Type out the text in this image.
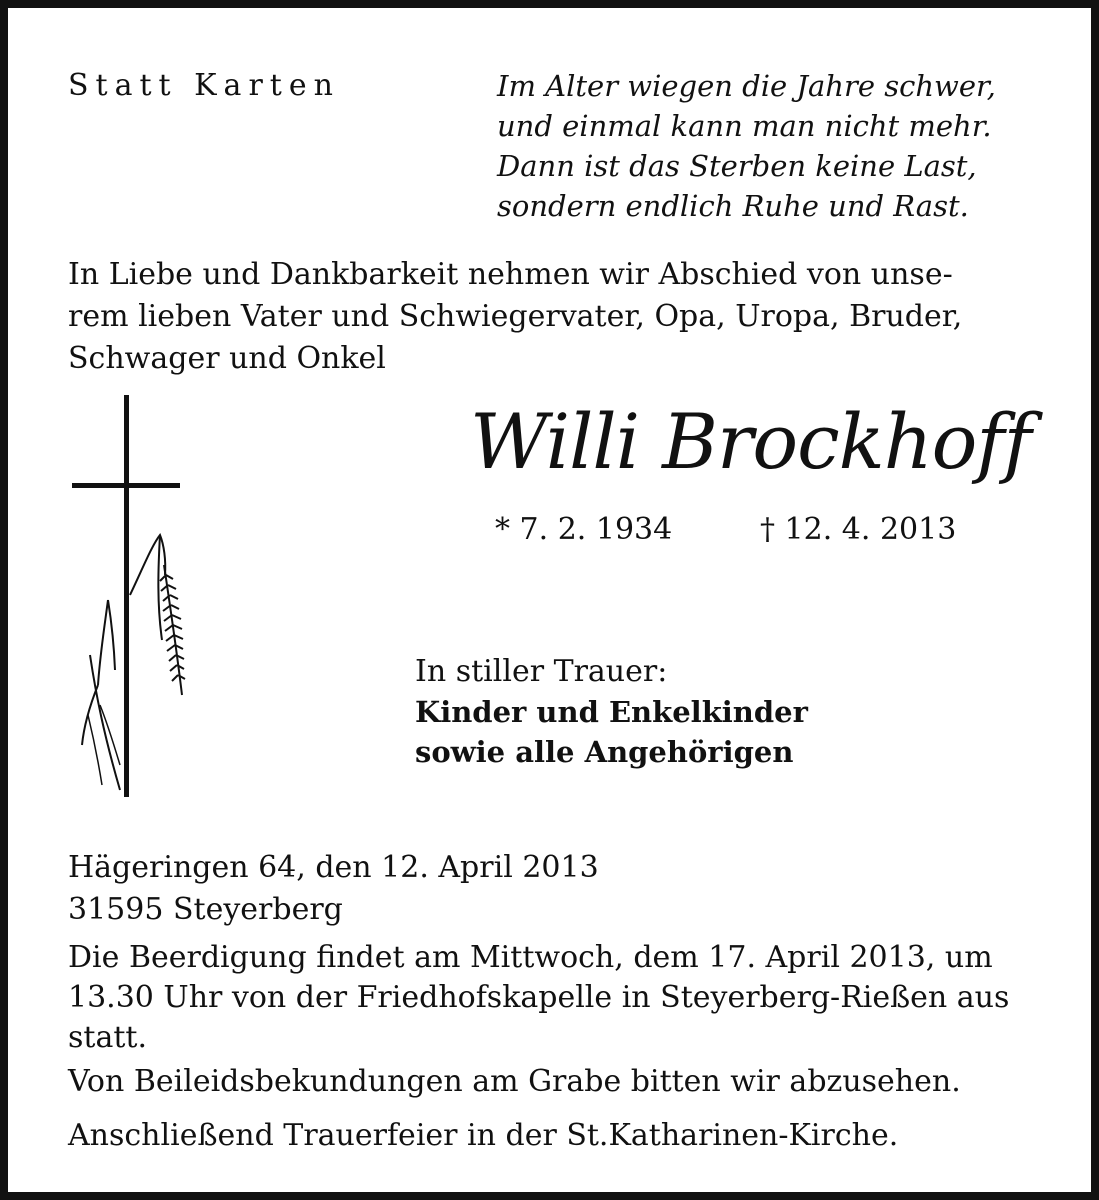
Statt Karten	Im Alter wiegen die Jahre schwer,
und einmal kann man nicht mehr.
Dann ist das Sterben keine Last,
sondern endlich Ruhe und Rast.
In Liebe und Dankbarkeit nehmen wir Abschied von unse-
rem lieben Vater und Schwiegervater, Opa, Uropa, Bruder,
Schwager und Onkel
Willi Brockhoff
* 7. 2. 1934	† 12. 4. 2013
In stiller Trauer:
Kinder und Enkelkinder
sowie alle Angehörigen
Hägeringen 64, den 12. April 2013
31595 Steyerberg
Die Beerdigung findet am Mittwoch, dem 17. April 2013, um
13.30 Uhr von der Friedhofskapelle in Steyerberg-Rießen aus
statt.
Von Beileidsbekundungen am Grabe bitten wir abzusehen.
Anschließend Trauerfeier in der St.Katharinen-Kirche.
